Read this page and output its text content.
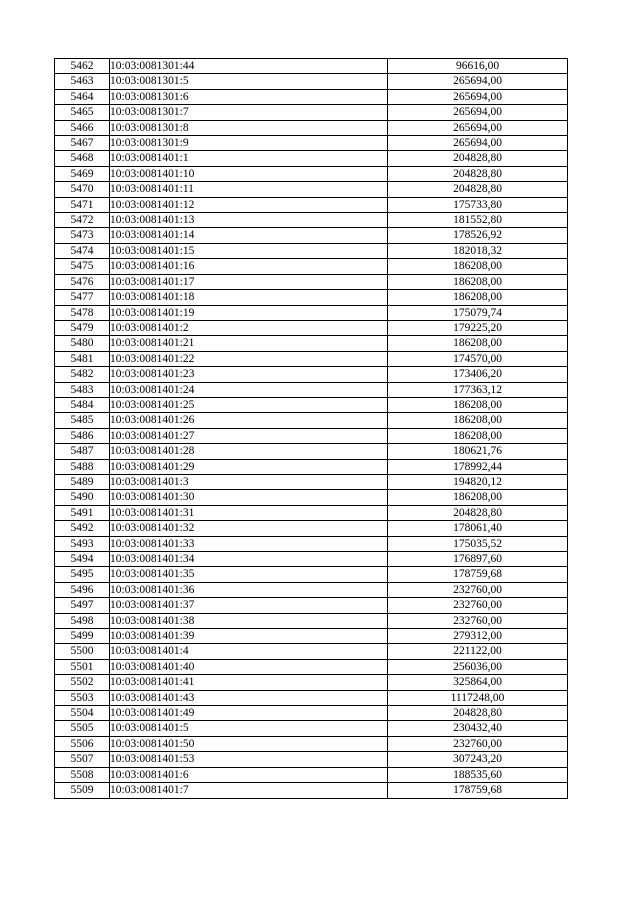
5462	10:03:0081301:44	96616,00
5463	10:03:0081301:5	265694,00
5464	10:03:0081301:6	265694,00
5465	10:03:0081301:7	265694,00
5466	10:03:0081301:8	265694,00
5467	10:03:0081301:9	265694,00
5468	10:03:0081401:1	204828,80
5469	10:03:0081401:10	204828,80
5470	10:03:0081401:11	204828,80
5471	10:03:0081401:12	175733,80
5472	10:03:0081401:13	181552,80
5473	10:03:0081401:14	178526,92
5474	10:03:0081401:15	182018,32
5475	10:03:0081401:16	186208,00
5476	10:03:0081401:17	186208,00
5477	10:03:0081401:18	186208,00
5478	10:03:0081401:19	175079,74
5479	10:03:0081401:2	179225,20
5480	10:03:0081401:21	186208,00
5481	10:03:0081401:22	174570,00
5482	10:03:0081401:23	173406,20
5483	10:03:0081401:24	177363,12
5484	10:03:0081401:25	186208,00
5485	10:03:0081401:26	186208,00
5486	10:03:0081401:27	186208,00
5487	10:03:0081401:28	180621,76
5488	10:03:0081401:29	178992,44
5489	10:03:0081401:3	194820,12
5490	10:03:0081401:30	186208,00
5491	10:03:0081401:31	204828,80
5492	10:03:0081401:32	178061,40
5493	10:03:0081401:33	175035,52
5494	10:03:0081401:34	176897,60
5495	10:03:0081401:35	178759,68
5496	10:03:0081401:36	232760,00
5497	10:03:0081401:37	232760,00
5498	10:03:0081401:38	232760,00
5499	10:03:0081401:39	279312,00
5500	10:03:0081401:4	221122,00
5501	10:03:0081401:40	256036,00
5502	10:03:0081401:41	325864,00
5503	10:03:0081401:43	1117248,00
5504	10:03:0081401:49	204828,80
5505	10:03:0081401:5	230432,40
5506	10:03:0081401:50	232760,00
5507	10:03:0081401:53	307243,20
5508	10:03:0081401:6	188535,60
5509	10:03:0081401:7	178759,68
